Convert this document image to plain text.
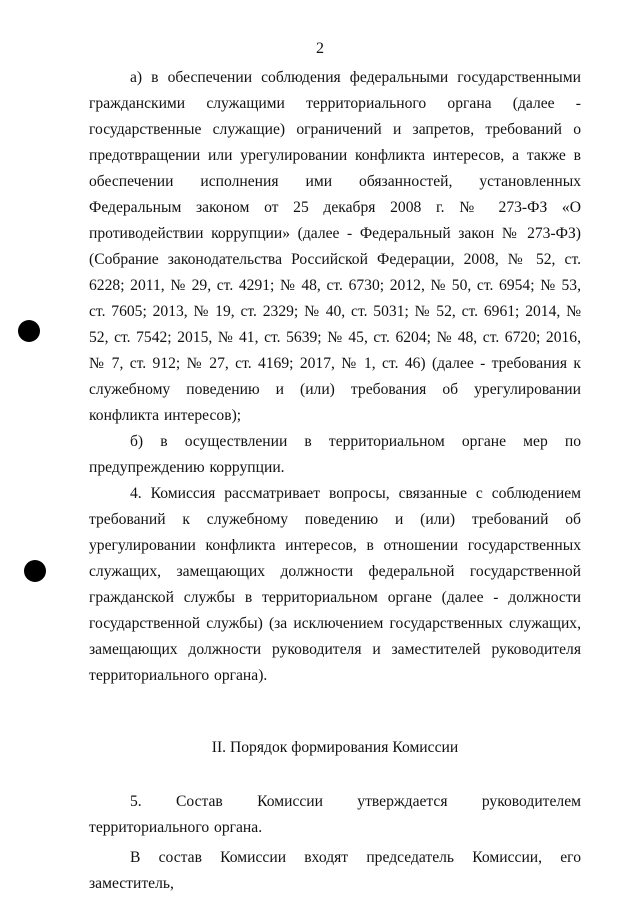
2

а) в обеспечении соблюдения федеральными государственными гражданскими служащими территориального органа (далее - государственные служащие) ограничений и запретов, требований о предотвращении или урегулировании конфликта интересов, а также в обеспечении исполнения ими обязанностей, установленных Федеральным законом от 25 декабря 2008 г. № 273-ФЗ «О противодействии коррупции» (далее - Федеральный закон № 273-ФЗ) (Собрание законодательства Российской Федерации, 2008, № 52, ст. 6228; 2011, № 29, ст. 4291; № 48, ст. 6730; 2012, № 50, ст. 6954; № 53, ст. 7605; 2013, № 19, ст. 2329; № 40, ст. 5031; № 52, ст. 6961; 2014, № 52, ст. 7542; 2015, № 41, ст. 5639; № 45, ст. 6204; № 48, ст. 6720; 2016, № 7, ст. 912; № 27, ст. 4169; 2017, № 1, ст. 46) (далее - требования к служебному поведению и (или) требования об урегулировании конфликта интересов);

б) в осуществлении в территориальном органе мер по предупреждению коррупции.

4. Комиссия рассматривает вопросы, связанные с соблюдением требований к служебному поведению и (или) требований об урегулировании конфликта интересов, в отношении государственных служащих, замещающих должности федеральной государственной гражданской службы в территориальном органе (далее - должности государственной службы) (за исключением государственных служащих, замещающих должности руководителя и заместителей руководителя территориального органа).

II. Порядок формирования Комиссии

5. Состав Комиссии утверждается руководителем территориального органа.

В состав Комиссии входят председатель Комиссии, его заместитель,
